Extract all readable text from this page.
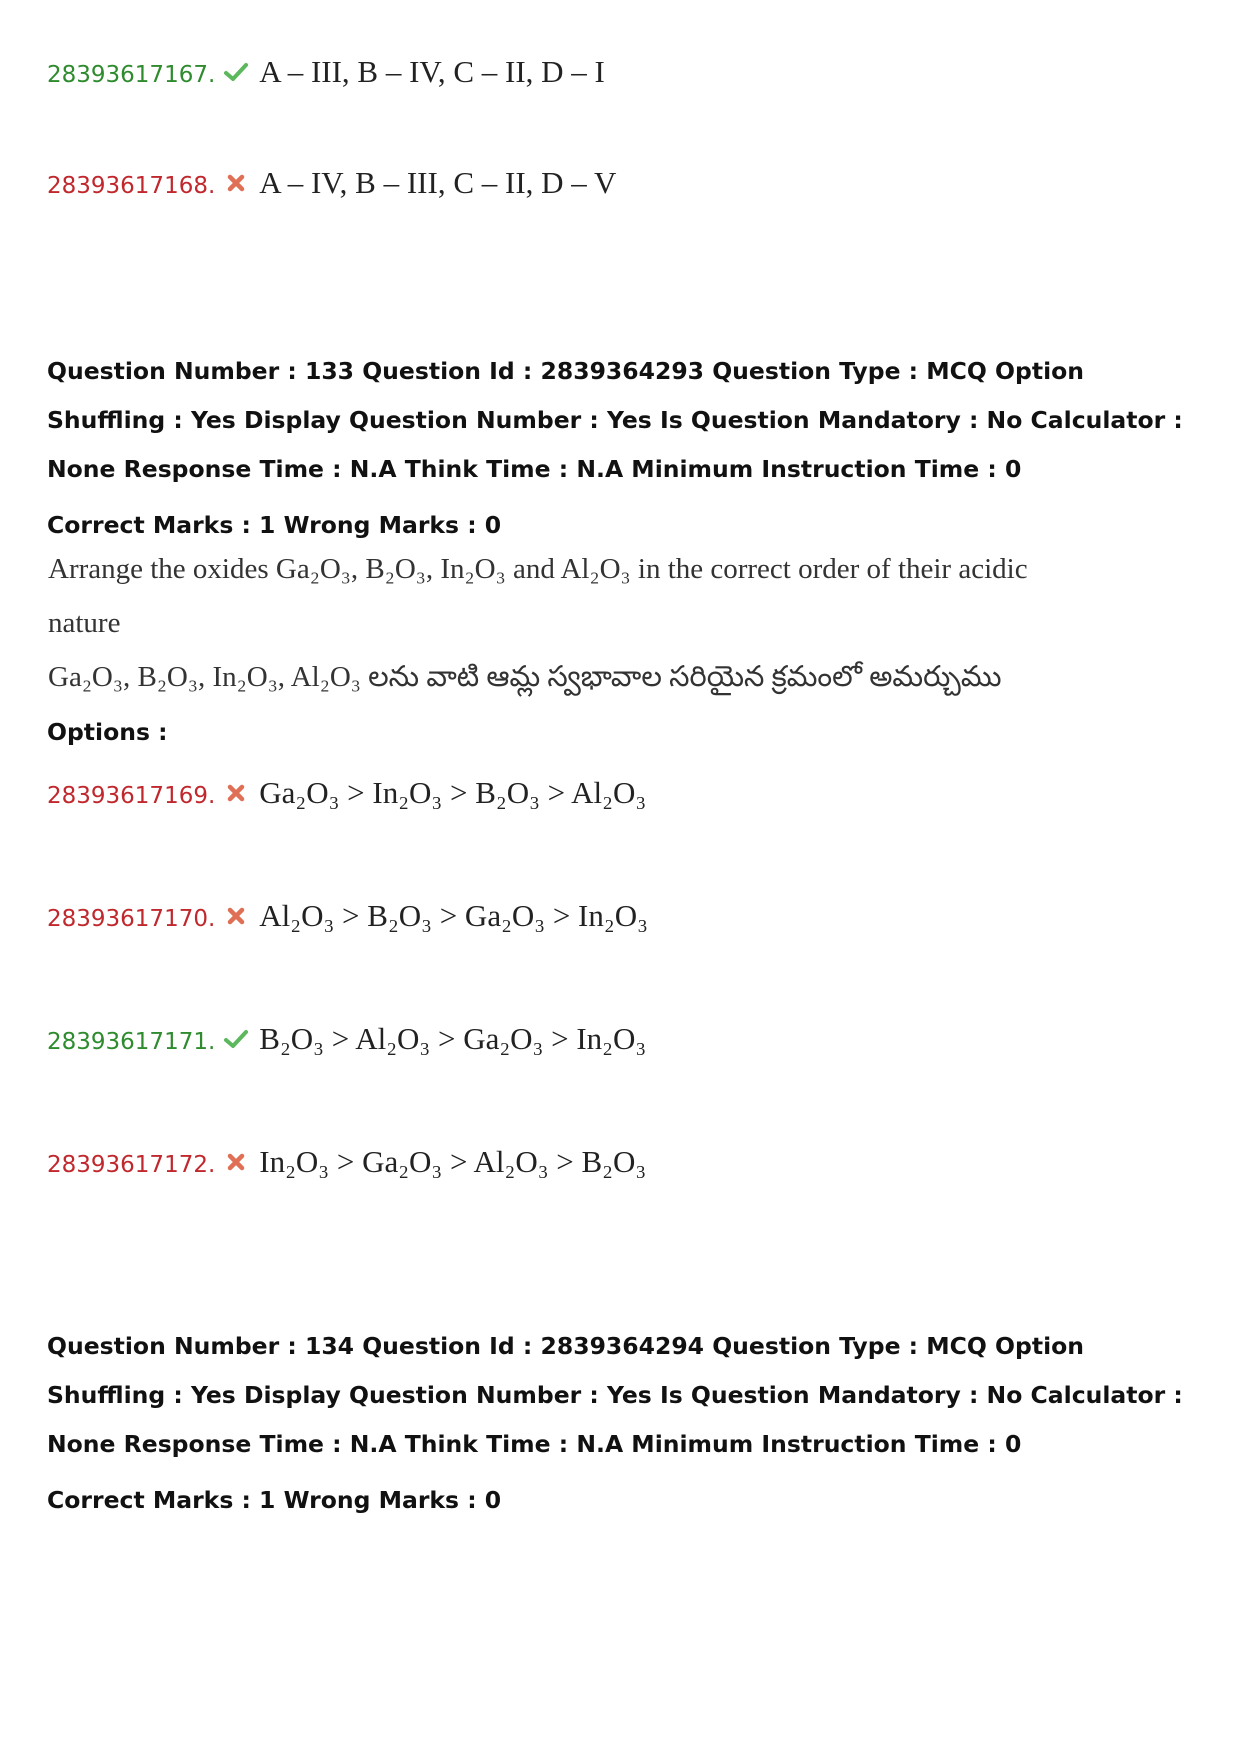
28393617167. A – III, B – IV, C – II, D – I
28393617168. A – IV, B – III, C – II, D – V
Question Number : 133 Question Id : 2839364293 Question Type : MCQ Option Shuffling : Yes Display Question Number : Yes Is Question Mandatory : No Calculator : None Response Time : N.A Think Time : N.A Minimum Instruction Time : 0
Correct Marks : 1 Wrong Marks : 0
Arrange the oxides Ga₂O₃, B₂O₃, In₂O₃ and Al₂O₃ in the correct order of their acidic
nature
Ga₂O₃, B₂O₃, In₂O₃, Al₂O₃ లను వాటి ఆమ్ల స్వభావాల సరియైన క్రమంలో అమర్చుము
Options :
28393617169. Ga₂O₃ > In₂O₃ > B₂O₃ > Al₂O₃
28393617170. Al₂O₃ > B₂O₃ > Ga₂O₃ > In₂O₃
28393617171. B₂O₃ > Al₂O₃ > Ga₂O₃ > In₂O₃
28393617172. In₂O₃ > Ga₂O₃ > Al₂O₃ > B₂O₃
Question Number : 134 Question Id : 2839364294 Question Type : MCQ Option Shuffling : Yes Display Question Number : Yes Is Question Mandatory : No Calculator : None Response Time : N.A Think Time : N.A Minimum Instruction Time : 0
Correct Marks : 1 Wrong Marks : 0
